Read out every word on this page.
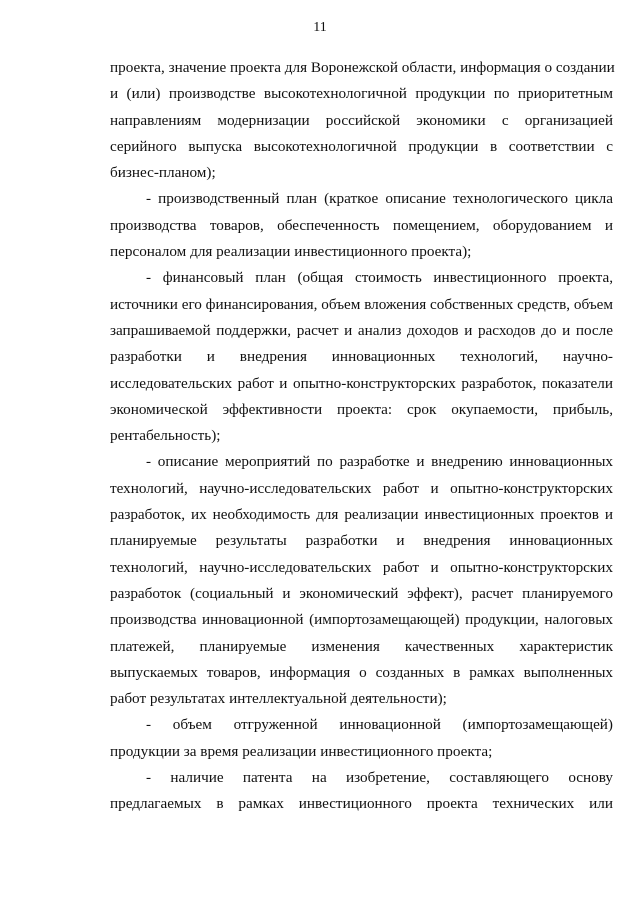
11
проекта, значение проекта для Воронежской области, информация о создании
и (или) производстве высокотехнологичной продукции по приоритетным
направлениям модернизации российской экономики с организацией
серийного выпуска высокотехнологичной продукции в соответствии с
бизнес-планом);
- производственный план (краткое описание технологического цикла
производства товаров, обеспеченность помещением, оборудованием и
персоналом для реализации инвестиционного проекта);
- финансовый план (общая стоимость инвестиционного проекта,
источники его финансирования, объем вложения собственных средств, объем
запрашиваемой поддержки, расчет и анализ доходов и расходов до и после
разработки и внедрения инновационных технологий, научно-
исследовательских работ и опытно-конструкторских разработок, показатели
экономической эффективности проекта: срок окупаемости, прибыль,
рентабельность);
- описание мероприятий по разработке и внедрению инновационных
технологий, научно-исследовательских работ и опытно-конструкторских
разработок, их необходимость для реализации инвестиционных проектов и
планируемые результаты разработки и внедрения инновационных
технологий, научно-исследовательских работ и опытно-конструкторских
разработок (социальный и экономический эффект), расчет планируемого
производства инновационной (импортозамещающей) продукции, налоговых
платежей, планируемые изменения качественных характеристик
выпускаемых товаров, информация о созданных в рамках выполненных
работ результатах интеллектуальной деятельности);
- объем отгруженной инновационной (импортозамещающей)
продукции за время реализации инвестиционного проекта;
- наличие патента на изобретение, составляющего основу
предлагаемых в рамках инвестиционного проекта технических или
